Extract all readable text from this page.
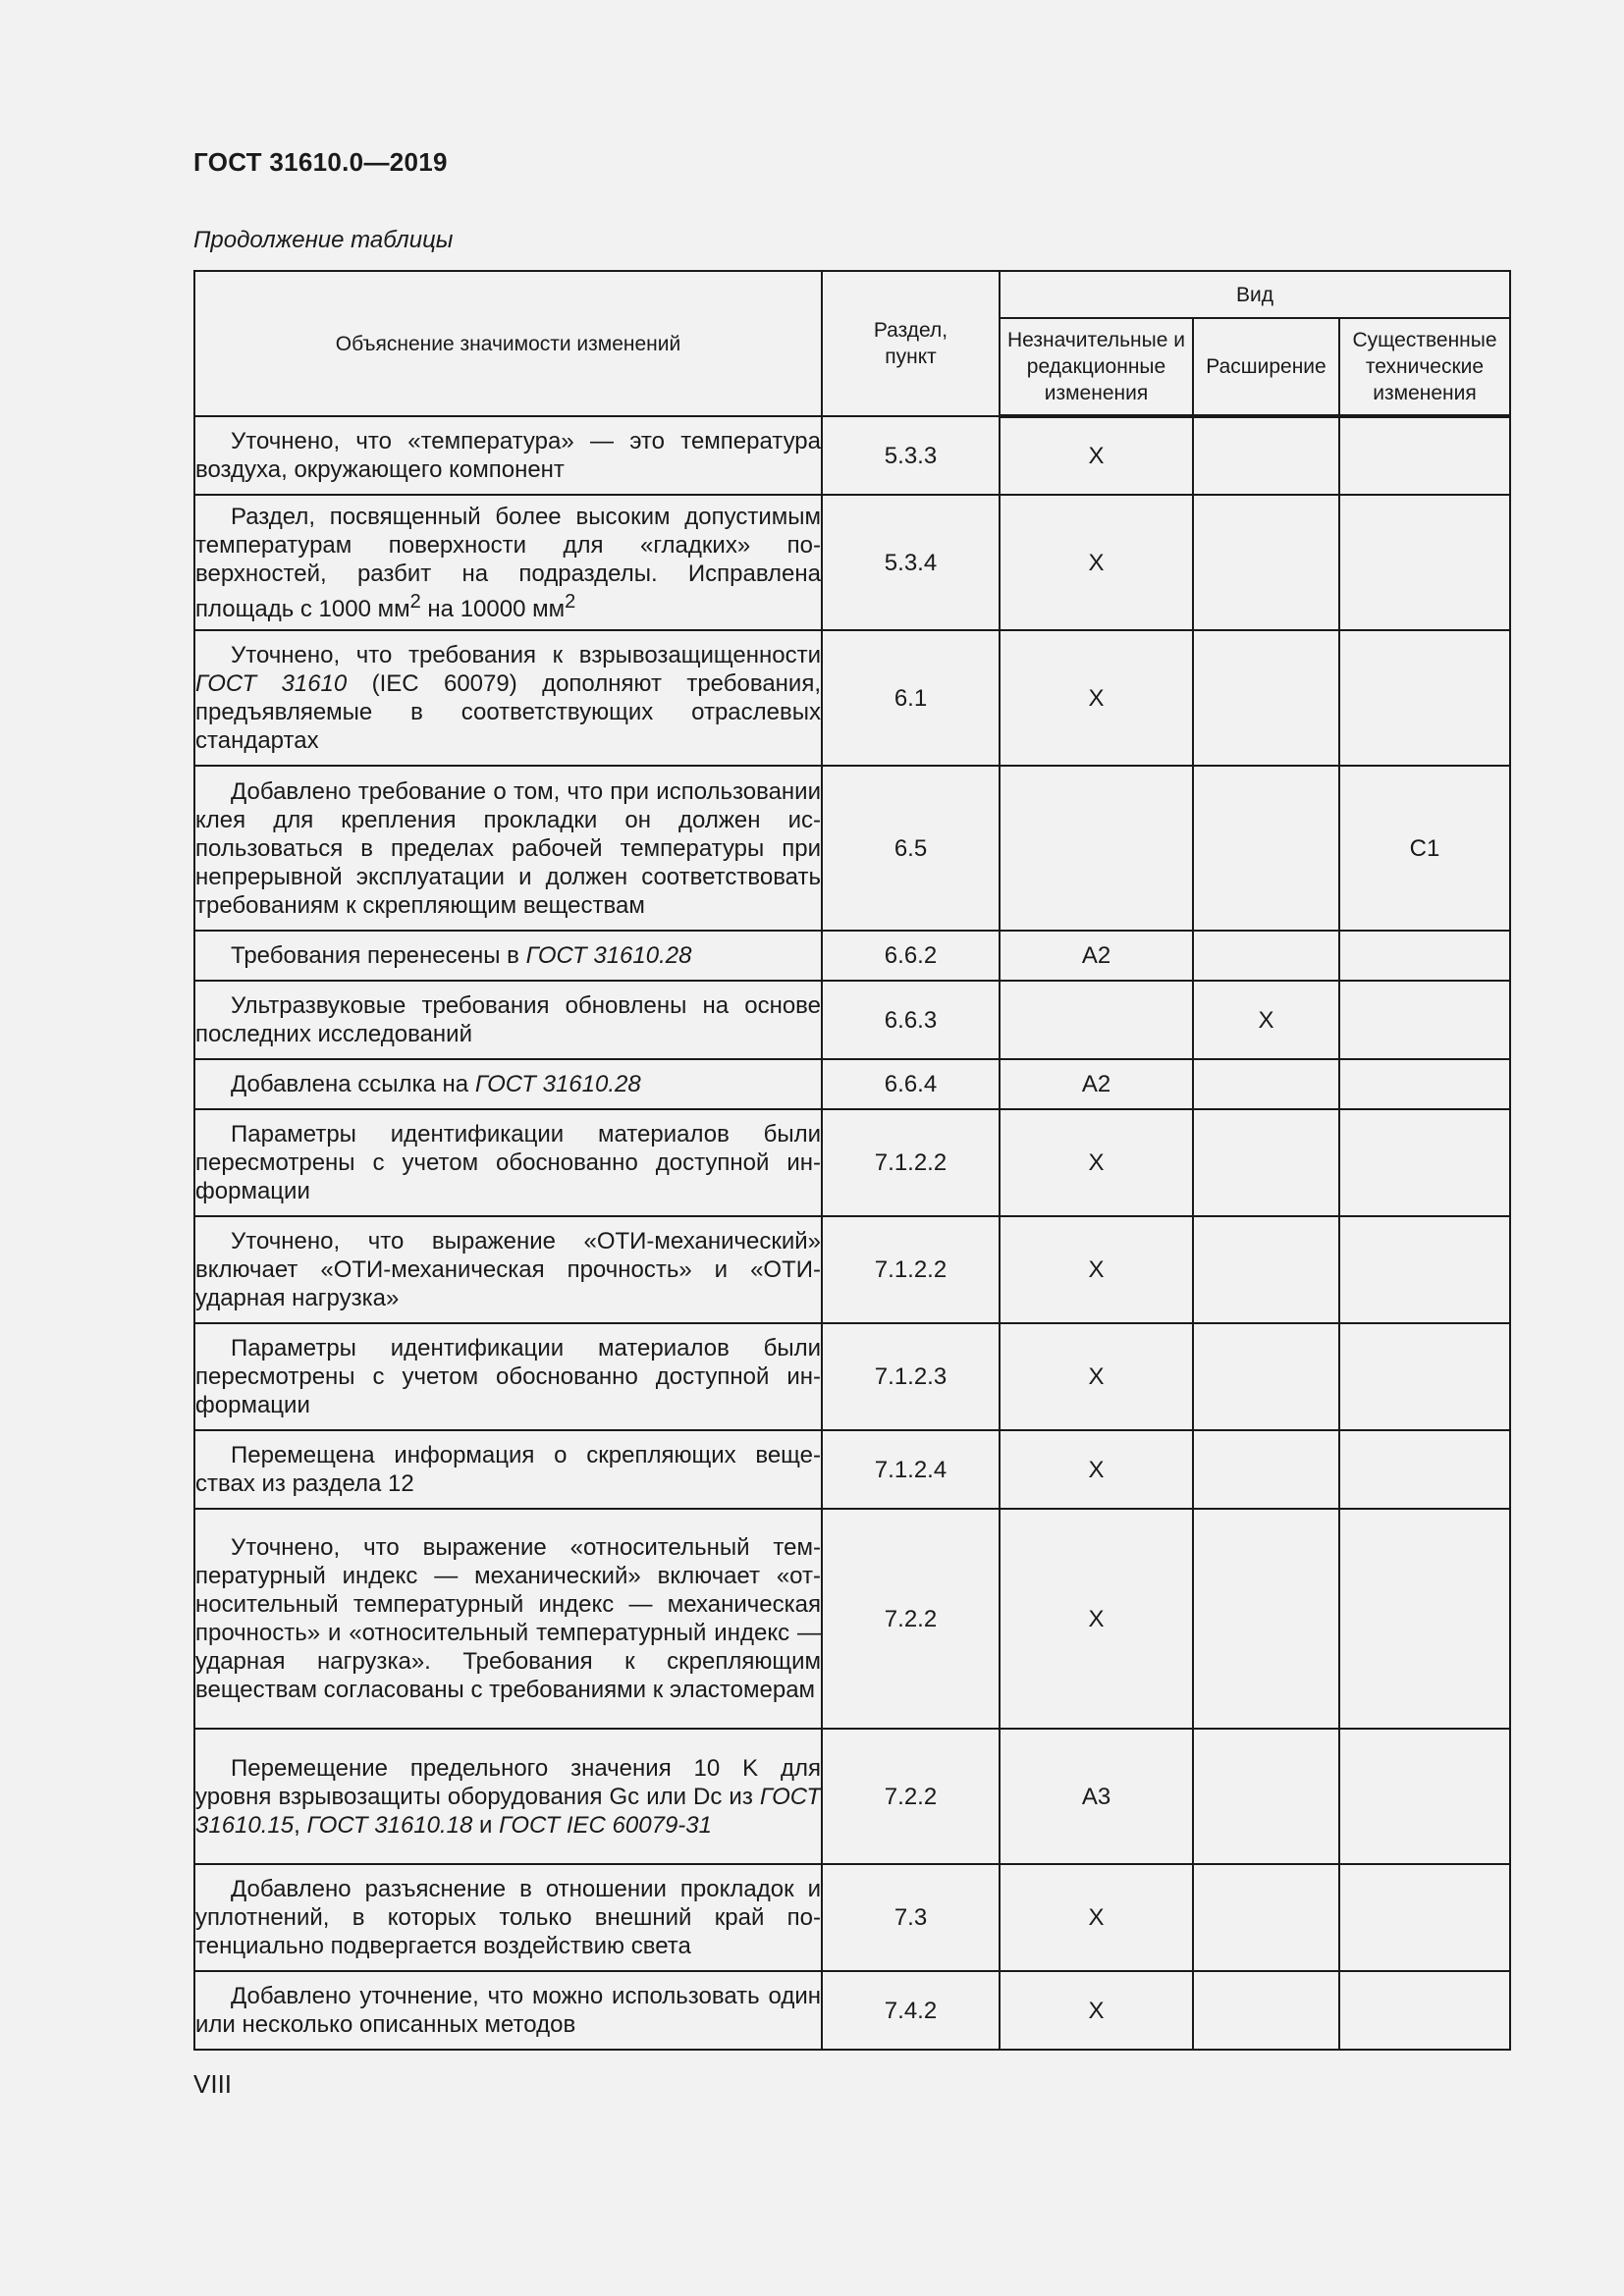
ГОСТ 31610.0—2019
Продолжение таблицы
Объяснение значимости изменений	Раздел, пункт	Вид		
		Незначительные и редакционные изменения	Расширение	Существенные технические изменения
Уточнено, что «температура» — это температура воздуха, окружающего компонент	5.3.3	X		
Раздел, посвященный более высоким допустимым температурам поверхности для «гладких» поверхностей, разбит на подразделы. Исправлена площадь с 1000 $мм^2$ на 10000 $мм^2$	5.3.4	X		
Уточнено, что требования к взрывозащищенности ГОСТ 31610 (IEC 60079) дополняют требования, предъявляемые в соответствующих отраслевых стандартах	6.1	X		
Добавлено требование о том, что при использовании клея для крепления прокладки он должен использоваться в пределах рабочей температуры при непрерывной эксплуатации и должен соответствовать требованиям к скрепляющим веществам	6.5			C1
Требования перенесены в ГОСТ 31610.28	6.6.2	A2		
Ультразвуковые требования обновлены на основе последних исследований	6.6.3		X	
Добавлена ссылка на ГОСТ 31610.28	6.6.4	A2		
Параметры идентификации материалов были пересмотрены с учетом обоснованно доступной информации	7.1.2.2	X		
Уточнено, что выражение «ОТИ-механический» включает «ОТИ-механическая прочность» и «ОТИ-ударная нагрузка»	7.1.2.2	X		
Параметры идентификации материалов были пересмотрены с учетом обоснованно доступной информации	7.1.2.3	X		
Перемещена информация о скрепляющих веществах из раздела 12	7.1.2.4	X		
Уточнено, что выражение «относительный температурный индекс — механический» включает «относительный температурный индекс — механическая прочность» и «относительный температурный индекс — ударная нагрузка». Требования к скрепляющим веществам согласованы с требованиями к эластомерам	7.2.2	X		
Перемещение предельного значения 10 K для уровня взрывозащиты оборудования Gc или Dc из ГОСТ 31610.15, ГОСТ 31610.18 и ГОСТ IEC 60079-31	7.2.2	A3		
Добавлено разъяснение в отношении прокладок и уплотнений, в которых только внешний край потенциально подвергается воздействию света	7.3	X		
Добавлено уточнение, что можно использовать один или несколько описанных методов	7.4.2	X		
VIII
